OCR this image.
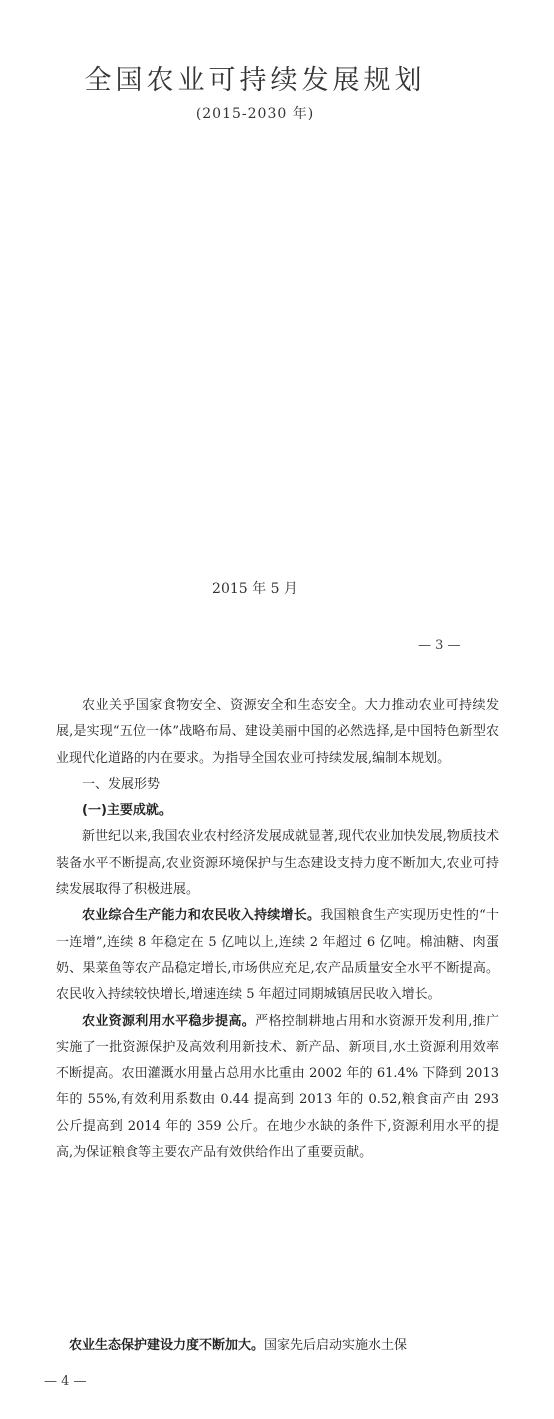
全国农业可持续发展规划
(2015-2030 年)
2015 年 5 月
— 3 —

农业关乎国家食物安全、资源安全和生态安全。大力推动农业可持续发展,是实现“五位一体”战略布局、建设美丽中国的必然选择,是中国特色新型农业现代化道路的内在要求。为指导全国农业可持续发展,编制本规划。

一、发展形势

(一)主要成就。

新世纪以来,我国农业农村经济发展成就显著,现代农业加快发展,物质技术装备水平不断提高,农业资源环境保护与生态建设支持力度不断加大,农业可持续发展取得了积极进展。

农业综合生产能力和农民收入持续增长。我国粮食生产实现历史性的“十一连增”,连续 8 年稳定在 5 亿吨以上,连续 2 年超过 6 亿吨。棉油糖、肉蛋奶、果菜鱼等农产品稳定增长,市场供应充足,农产品质量安全水平不断提高。农民收入持续较快增长,增速连续 5 年超过同期城镇居民收入增长。

农业资源利用水平稳步提高。严格控制耕地占用和水资源开发利用,推广实施了一批资源保护及高效利用新技术、新产品、新项目,水土资源利用效率不断提高。农田灌溉水用量占总用水比重由 2002 年的 61.4% 下降到 2013 年的 55%,有效利用系数由 0.44 提高到 2013 年的 0.52,粮食亩产由 293 公斤提高到 2014 年的 359 公斤。在地少水缺的条件下,资源利用水平的提高,为保证粮食等主要农产品有效供给作出了重要贡献。

农业生态保护建设力度不断加大。国家先后启动实施水土保
— 4 —
